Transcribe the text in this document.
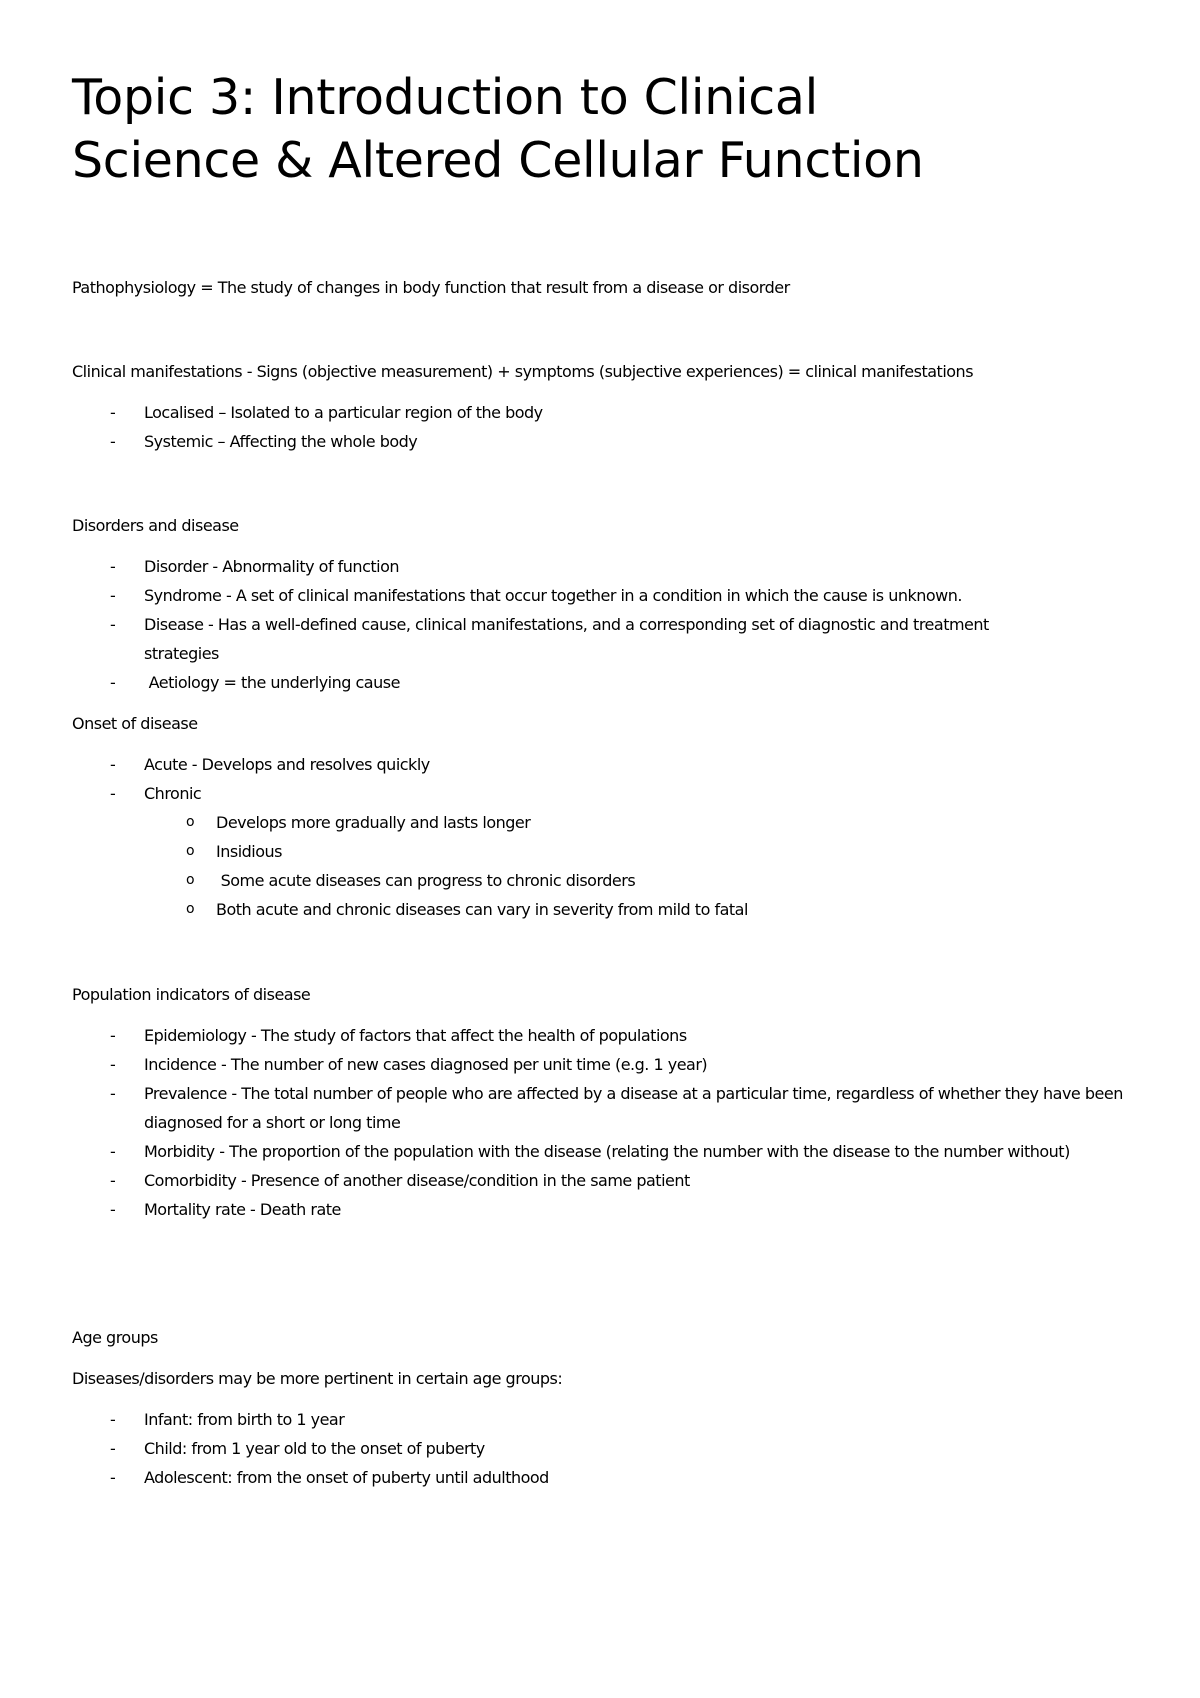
Topic 3: Introduction to Clinical
Science & Altered Cellular Function

Pathophysiology = The study of changes in body function that result from a disease or disorder

Clinical manifestations - Signs (objective measurement) + symptoms (subjective experiences) = clinical manifestations

- Localised – Isolated to a particular region of the body
- Systemic – Affecting the whole body

Disorders and disease

- Disorder - Abnormality of function
- Syndrome - A set of clinical manifestations that occur together in a condition in which the cause is unknown.
- Disease - Has a well-defined cause, clinical manifestations, and a corresponding set of diagnostic and treatment strategies
- Aetiology = the underlying cause

Onset of disease

- Acute - Develops and resolves quickly
- Chronic
o Develops more gradually and lasts longer
o Insidious
o Some acute diseases can progress to chronic disorders
o Both acute and chronic diseases can vary in severity from mild to fatal

Population indicators of disease

- Epidemiology - The study of factors that affect the health of populations
- Incidence - The number of new cases diagnosed per unit time (e.g. 1 year)
- Prevalence - The total number of people who are affected by a disease at a particular time, regardless of whether they have been diagnosed for a short or long time
- Morbidity - The proportion of the population with the disease (relating the number with the disease to the number without)
- Comorbidity - Presence of another disease/condition in the same patient
- Mortality rate - Death rate

Age groups

Diseases/disorders may be more pertinent in certain age groups:

- Infant: from birth to 1 year
- Child: from 1 year old to the onset of puberty
- Adolescent: from the onset of puberty until adulthood
